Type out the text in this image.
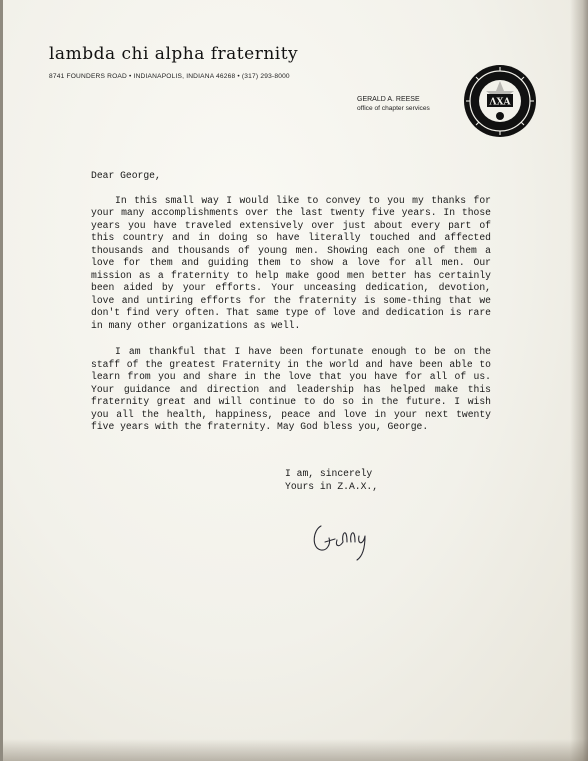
lambda chi alpha fraternity
8741 FOUNDERS ROAD • INDIANAPOLIS, INDIANA 46268 • (317) 293-8000
GERALD A. REESE
office of chapter services
ΛΧΑ

Dear George,

In this small way I would like to convey to you my thanks for your many accomplishments over the last twenty five years. In those years you have traveled extensively over just about every part of this country and in doing so have literally touched and affected thousands and thousands of young men. Showing each one of them a love for them and guiding them to show a love for all men. Our mission as a fraternity to help make good men better has certainly been aided by your efforts. Your unceasing dedication, devotion, love and untiring efforts for the fraternity is some-thing that we don't find very often. That same type of love and dedication is rare in many other organizations as well.

I am thankful that I have been fortunate enough to be on the staff of the greatest Fraternity in the world and have been able to learn from you and share in the love that you have for all of us. Your guidance and direction and leadership has helped make this fraternity great and will continue to do so in the future. I wish you all the health, happiness, peace and love in your next twenty five years with the fraternity. May God bless you, George.

I am, sincerely
Yours in Z.A.X.,
